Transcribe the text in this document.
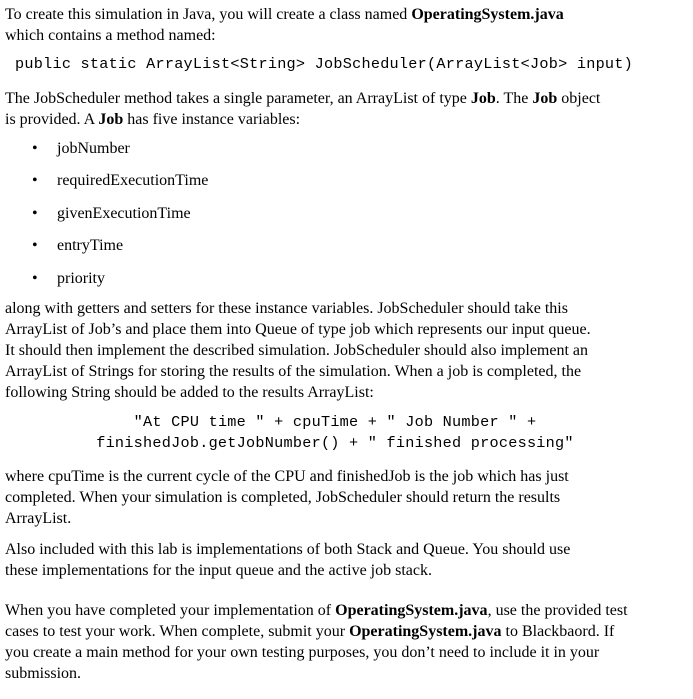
To create this simulation in Java, you will create a class named OperatingSystem.java

which contains a method named:

public static ArrayList<String> JobScheduler(ArrayList<Job> input)

The JobScheduler method takes a single parameter, an ArrayList of type Job. The Job object

is provided. A Job has five instance variables:

• jobNumber
• requiredExecutionTime
• givenExecutionTime
• entryTime
• priority

along with getters and setters for these instance variables. JobScheduler should take this

ArrayList of Job’s and place them into Queue of type job which represents our input queue.

It should then implement the described simulation. JobScheduler should also implement an

ArrayList of Strings for storing the results of the simulation. When a job is completed, the

following String should be added to the results ArrayList:

"At CPU time " + cpuTime + " Job Number " +

finishedJob.getJobNumber() + " finished processing"

where cpuTime is the current cycle of the CPU and finishedJob is the job which has just

completed. When your simulation is completed, JobScheduler should return the results

ArrayList.

Also included with this lab is implementations of both Stack and Queue. You should use

these implementations for the input queue and the active job stack.

When you have completed your implementation of OperatingSystem.java, use the provided test

cases to test your work. When complete, submit your OperatingSystem.java to Blackbaord. If

you create a main method for your own testing purposes, you don’t need to include it in your

submission.
